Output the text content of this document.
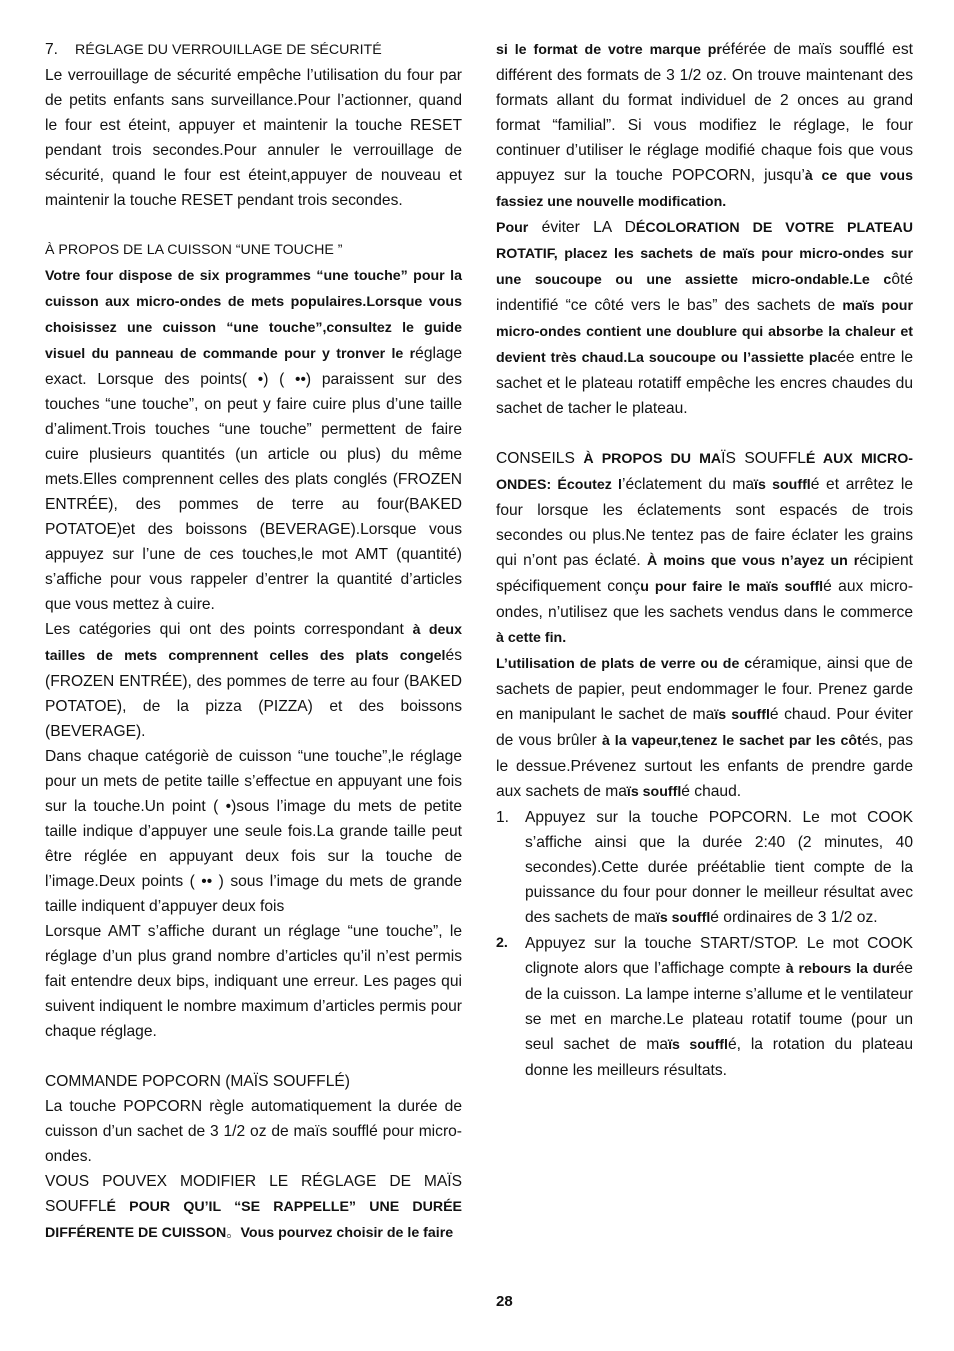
7. RÉGLAGE DU VERROUILLAGE DE SÉCURITÉ

Le verrouillage de sécurité empêche l’utilisation du four par de petits enfants sans surveillance.Pour l’actionner, quand le four est éteint, appuyer et maintenir la touche RESET pendant trois secondes.Pour annuler le verrouillage de sécurité, quand le four est éteint,appuyer de nouveau et maintenir la touche RESET pendant trois secondes.

À PROPOS DE LA CUISSON “UNE TOUCHE ”

Votre four dispose de six programmes “une touche” pour la cuisson aux micro-ondes de mets populaires.Lorsque vous choisissez une cuisson “une touche”,consultez le guide visuel du panneau de commande pour y tronver le réglage exact. Lorsque des points( •) ( ••) paraissent sur des touches “une touche”, on peut y faire cuire plus d’une taille d’aliment.Trois touches “une touche” permettent de faire cuire plusieurs quantités (un article ou plus) du même mets.Elles comprennent celles des plats conglés (FROZEN ENTRÉE), des pommes de terre au four(BAKED POTATOE)et des boissons (BEVERAGE).Lorsque vous appuyez sur l’une de ces touches,le mot AMT (quantité) s’affiche pour vous rappeler d’entrer la quantité d’articles que vous mettez à cuire.

Les catégories qui ont des points correspondant à deux tailles de mets comprennent celles des plats congelés (FROZEN ENTRÉE), des pommes de terre au four (BAKED POTATOE), de la pizza (PIZZA) et des boissons (BEVERAGE).

Dans chaque catégoriè de cuisson “une touche”,le réglage pour un mets de petite taille s’effectue en appuyant une fois sur la touche.Un point ( •)sous l’image du mets de petite taille indique d’appuyer une seule fois.La grande taille peut être réglée en appuyant deux fois sur la touche de l’image.Deux points ( •• ) sous l’image du mets de grande taille indiquent d’appuyer deux fois

Lorsque AMT s’affiche durant un réglage “une touche”, le réglage d’un plus grand nombre d’articles qu’il n’est permis fait entendre deux bips, indiquant une erreur. Les pages qui suivent indiquent le nombre maximum d’articles permis pour chaque réglage.

COMMANDE POPCORN (MAÏS SOUFFLÉ)

La touche POPCORN règle automatiquement la durée de cuisson d’un sachet de 3 1/2 oz de maïs soufflé pour micro-ondes.

VOUS POUVEX MODIFIER LE RÉGLAGE DE MAÏS SOUFFLÉ POUR QU’IL “SE RAPPELLE” UNE DURÉE DIFFÉRENTE DE CUISSON。Vous pourvez choisir de le faire

si le format de votre marque préférée de maïs soufflé est différent des formats de 3 1/2 oz. On trouve maintenant des formats allant du format individuel de 2 onces au grand format “familial”. Si vous modifiez le réglage, le four continuer d’utiliser le réglage modifié chaque fois que vous appuyez sur la touche POPCORN, jusqu’à ce que vous fassiez une nouvelle modification.

Pour éviter LA DÉCOLORATION DE VOTRE PLATEAU ROTATIF, placez les sachets de maïs pour micro-ondes sur une soucoupe ou une assiette micro-ondable.Le côté indentifié “ce côté vers le bas” des sachets de maïs pour micro-ondes contient une doublure qui absorbe la chaleur et devient très chaud.La soucoupe ou l’assiette placée entre le sachet et le plateau rotatiff empêche les encres chaudes du sachet de tacher le plateau.

CONSEILS À PROPOS DU MAÏS SOUFFLÉ AUX MICRO-ONDES: Écoutez l’éclatement du maïs soufflé et arrêtez le four lorsque les éclatements sont espacés de trois secondes ou plus.Ne tentez pas de faire éclater les grains qui n’ont pas éclaté. À moins que vous n’ayez un récipient spécifiquement conçu pour faire le maïs soufflé aux micro-ondes, n’utilisez que les sachets vendus dans le commerce à cette fin.

L’utilisation de plats de verre ou de céramique, ainsi que de sachets de papier, peut endommager le four. Prenez garde en manipulant le sachet de maïs soufflé chaud. Pour éviter de vous brûler à la vapeur,tenez le sachet par les côtés, pas le dessue.Prévenez surtout les enfants de prendre garde aux sachets de maïs soufflé chaud.

1. Appuyez sur la touche POPCORN. Le mot COOK s’affiche ainsi que la durée 2:40 (2 minutes, 40 secondes).Cette durée préétablie tient compte de la puissance du four pour donner le meilleur résultat avec des sachets de maïs soufflé ordinaires de 3 1/2 oz.

2. Appuyez sur la touche START/STOP. Le mot COOK clignote alors que l’affichage compte à rebours la durée de la cuisson. La lampe interne s’allume et le ventilateur se met en marche.Le plateau rotatif toume (pour un seul sachet de maïs soufflé, la rotation du plateau donne les meilleurs résultats.

28
